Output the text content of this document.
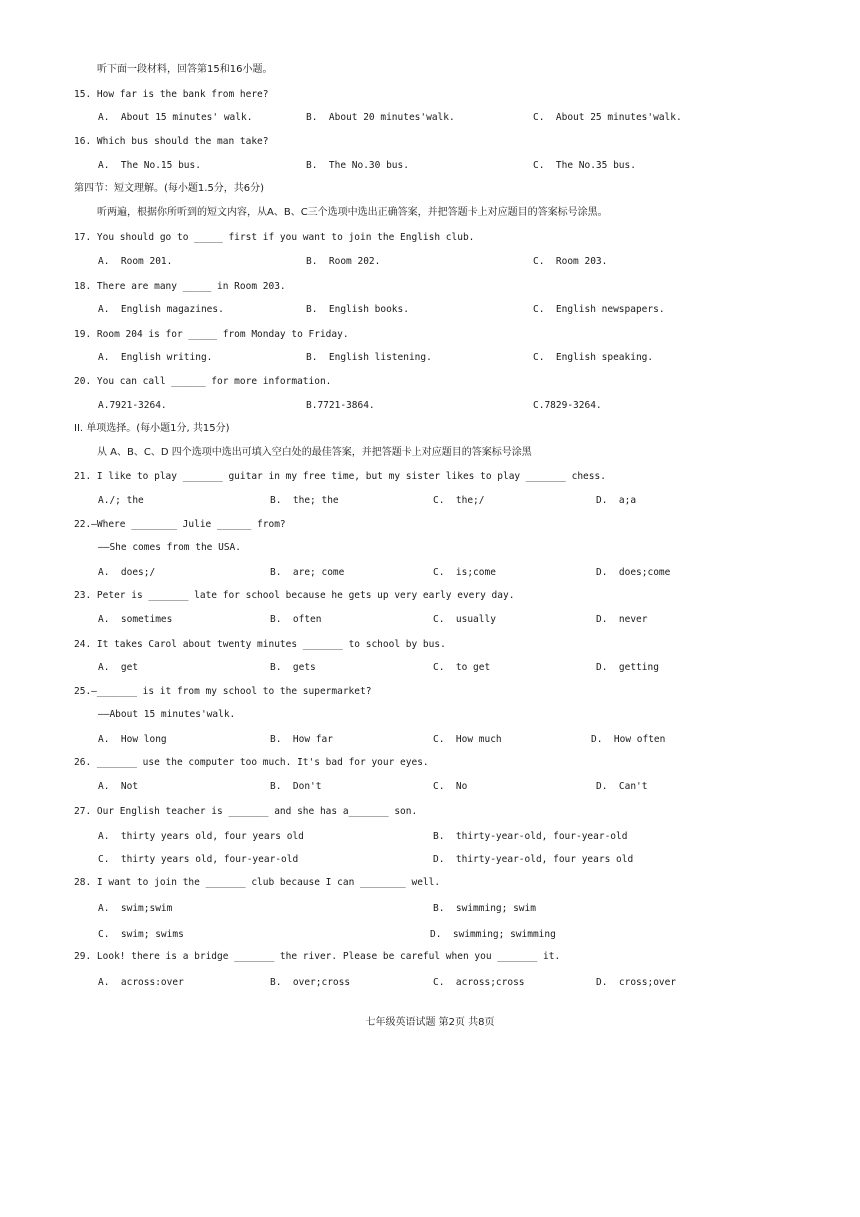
听下面一段材料，回答第15和16小题。
15. How far is the bank from here?
A.  About 15 minutes' walk.	B.  About 20 minutes'walk.	C.  About 25 minutes'walk.
16. Which bus should the man take?
A.  The No.15 bus.	B.  The No.30 bus.	C.  The No.35 bus.
第四节：短文理解。(每小题1.5分，共6分)
听两遍，根据你所听到的短文内容，从A、B、C三个选项中选出正确答案，并把答题卡上对应题目的答案标号涂黑。
17. You should go to _____ first if you want to join the English club.
A.  Room 201.	B.  Room 202.	C.  Room 203.
18. There are many _____ in Room 203.
A.  English magazines.	B.  English books.	C.  English newspapers.
19. Room 204 is for _____ from Monday to Friday.
A.  English writing.	B.  English listening.	C.  English speaking.
20. You can call ______ for more information.
A.7921-3264.	B.7721-3864.	C.7829-3264.
II. 单项选择。(每小题1分, 共15分)
从 A、B、C、D 四个选项中选出可填入空白处的最佳答案，并把答题卡上对应题目的答案标号涂黑
21. I like to play _______ guitar in my free time, but my sister likes to play _______ chess.
A./; the	B.  the; the	C.  the;/	D.  a;a
22.—Where ________ Julie ______ from?
——She comes from the USA.
A.  does;/	B.  are; come	C.  is;come	D.  does;come
23. Peter is _______ late for school because he gets up very early every day.
A.  sometimes	B.  often	C.  usually	D.  never
24. It takes Carol about twenty minutes _______ to school by bus.
A.  get	B.  gets	C.  to get	D.  getting
25.—_______ is it from my school to the supermarket?
——About 15 minutes'walk.
A.  How long	B.  How far	C.  How much	D.  How often
26. _______ use the computer too much. It's bad for your eyes.
A.  Not	B.  Don't	C.  No	D.  Can't
27. Our English teacher is _______ and she has a_______ son.
A.  thirty years old, four years old	B.  thirty-year-old, four-year-old
C.  thirty years old, four-year-old	D.  thirty-year-old, four years old
28. I want to join the _______ club because I can ________ well.
A.  swim;swim	B.  swimming; swim
C.  swim; swims	D.  swimming; swimming
29. Look! there is a bridge _______ the river. Please be careful when you _______ it.
A.  across:over	B.  over;cross	C.  across;cross	D.  cross;over
七年级英语试题 第2页 共8页
